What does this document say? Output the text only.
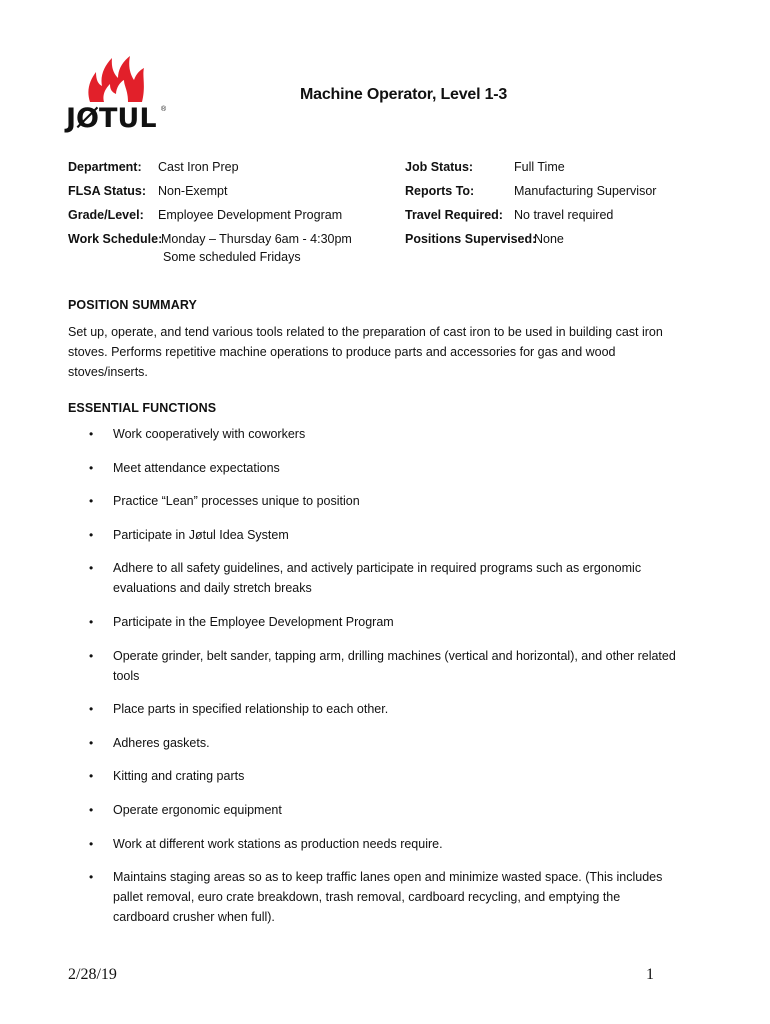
JØTUL ®
Machine Operator, Level 1-3
Department: Cast Iron Prep
FLSA Status: Non-Exempt
Grade/Level: Employee Development Program
Work Schedule:
Monday – Thursday 6am - 4:30pm
Some scheduled Fridays
Job Status:	Full Time
Reports To:	Manufacturing Supervisor
Travel Required: No travel required
Positions Supervised:
None
POSITION SUMMARY
Set up, operate, and tend various tools related to the preparation of cast iron to be used in building cast iron stoves. Performs repetitive machine operations to produce parts and accessories for gas and wood stoves/inserts.
ESSENTIAL FUNCTIONS
• Work cooperatively with coworkers
• Meet attendance expectations
• Practice “Lean” processes unique to position
• Participate in Jøtul Idea System
• Adhere to all safety guidelines, and actively participate in required programs such as ergonomic evaluations and daily stretch breaks
• Participate in the Employee Development Program
• Operate grinder, belt sander, tapping arm, drilling machines (vertical and horizontal), and other related tools
• Place parts in specified relationship to each other.
• Adheres gaskets.
• Kitting and crating parts
• Operate ergonomic equipment
• Work at different work stations as production needs require.
• Maintains staging areas so as to keep traffic lanes open and minimize wasted space. (This includes pallet removal, euro crate breakdown, trash removal, cardboard recycling, and emptying the cardboard crusher when full).
2/28/19	1
